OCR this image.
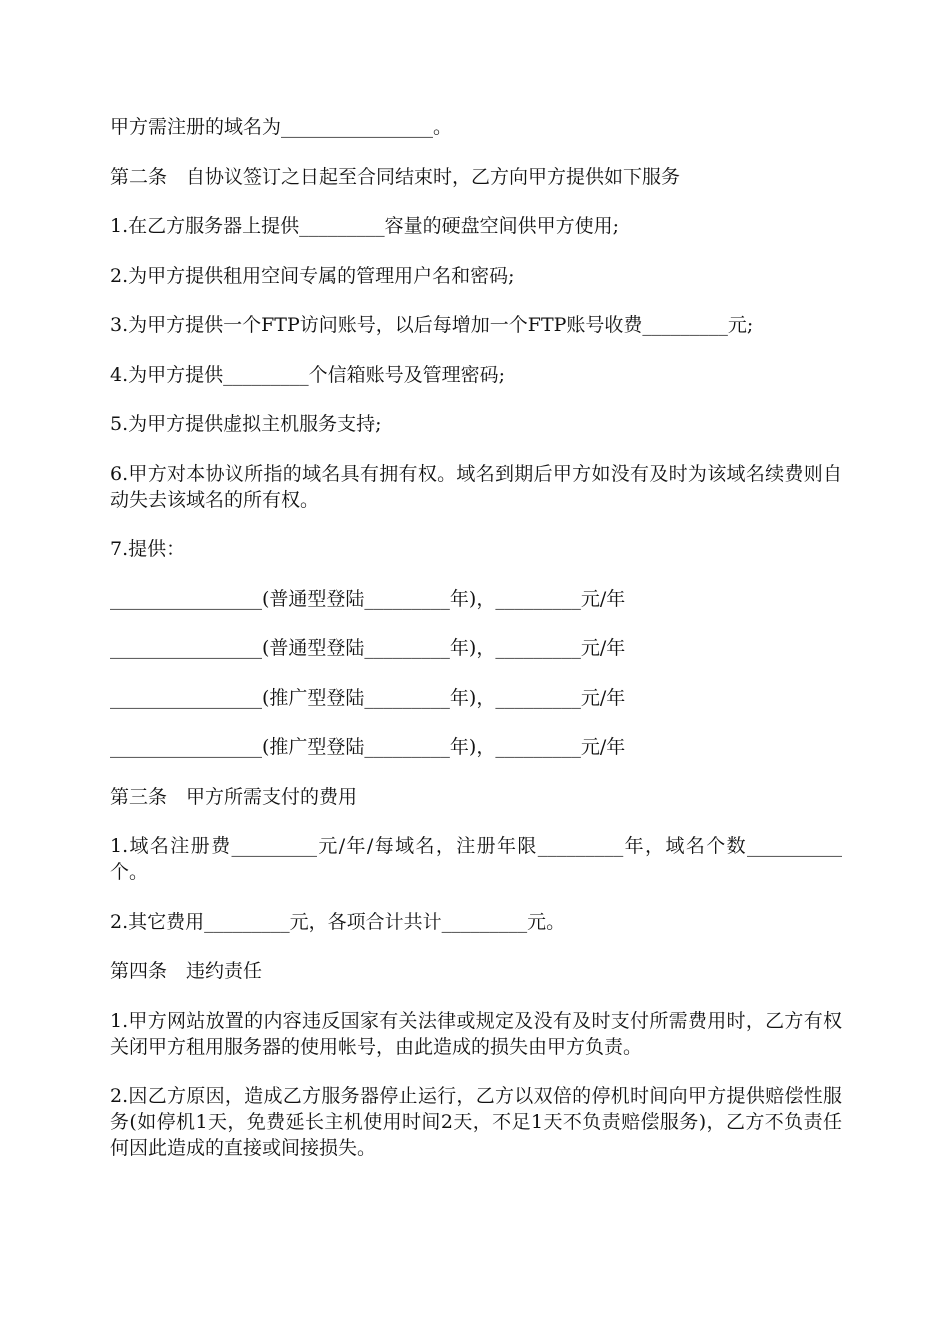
甲方需注册的域名为________________。

第二条　自协议签订之日起至合同结束时，乙方向甲方提供如下服务

1.在乙方服务器上提供_________容量的硬盘空间供甲方使用;

2.为甲方提供租用空间专属的管理用户名和密码;

3.为甲方提供一个FTP访问账号，以后每增加一个FTP账号收费_________元;

4.为甲方提供_________个信箱账号及管理密码;

5.为甲方提供虚拟主机服务支持;

6.甲方对本协议所指的域名具有拥有权。域名到期后甲方如没有及时为该域名续费则自动失去该域名的所有权。

7.提供：

________________(普通型登陆_________年)，_________元/年

________________(普通型登陆_________年)，_________元/年

________________(推广型登陆_________年)，_________元/年

________________(推广型登陆_________年)，_________元/年

第三条　甲方所需支付的费用

1.域名注册费_________元/年/每域名，注册年限_________年，域名个数__________个。

2.其它费用_________元，各项合计共计_________元。

第四条　违约责任

1.甲方网站放置的内容违反国家有关法律或规定及没有及时支付所需费用时，乙方有权关闭甲方租用服务器的使用帐号，由此造成的损失由甲方负责。

2.因乙方原因，造成乙方服务器停止运行，乙方以双倍的停机时间向甲方提供赔偿性服务(如停机1天，免费延长主机使用时间2天，不足1天不负责赔偿服务)，乙方不负责任何因此造成的直接或间接损失。
